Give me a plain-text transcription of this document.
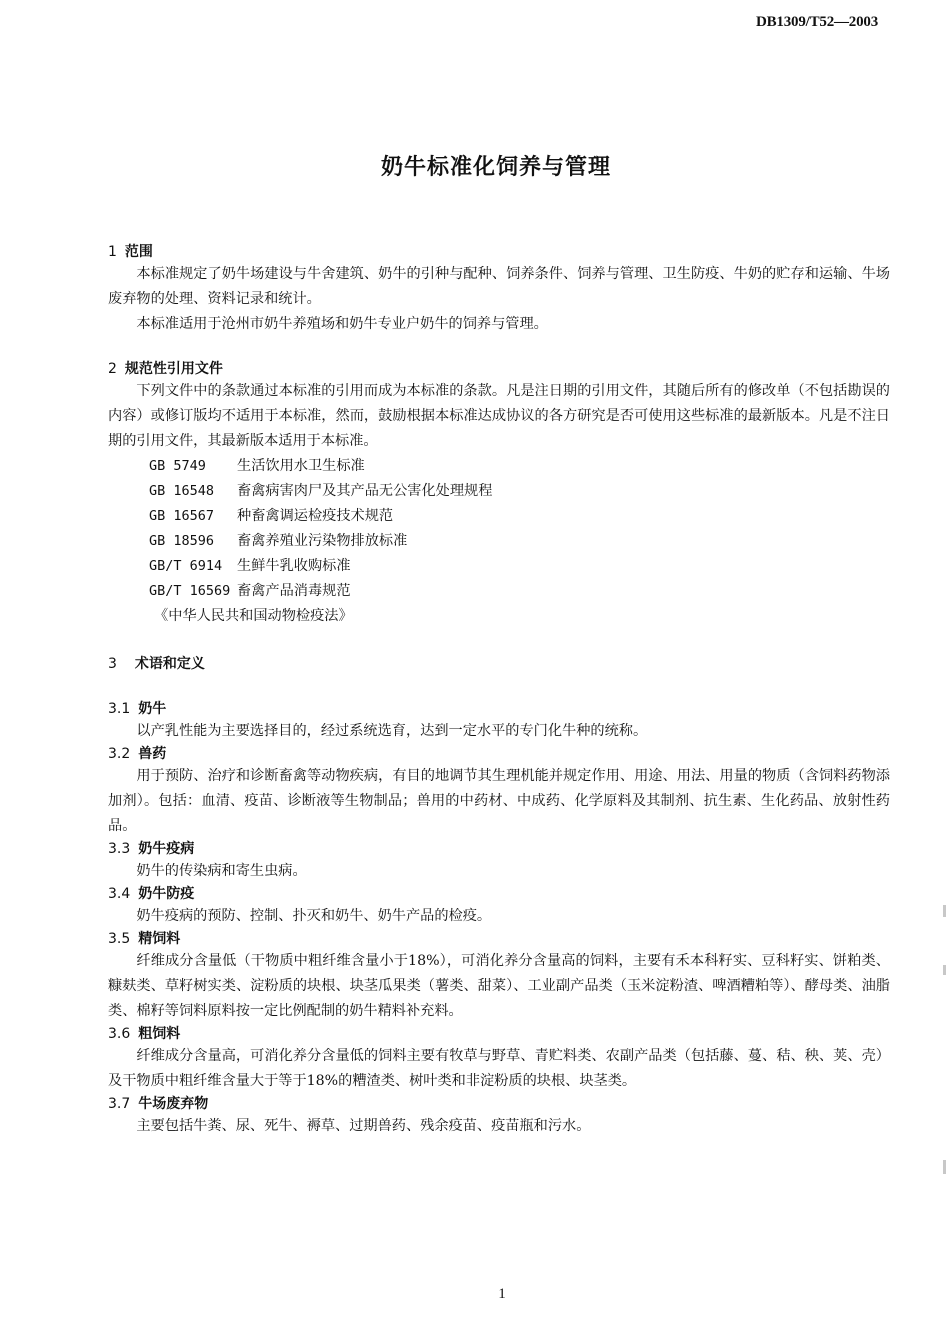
DB1309/T52—2003
奶牛标准化饲养与管理
1 范围

本标准规定了奶牛场建设与牛舍建筑、奶牛的引种与配种、饲养条件、饲养与管理、卫生防疫、牛奶的贮存和运输、牛场废弃物的处理、资料记录和统计。

本标准适用于沧州市奶牛养殖场和奶牛专业户奶牛的饲养与管理。

2 规范性引用文件

下列文件中的条款通过本标准的引用而成为本标准的条款。凡是注日期的引用文件，其随后所有的修改单（不包括勘误的内容）或修订版均不适用于本标准，然而，鼓励根据本标准达成协议的各方研究是否可使用这些标准的最新版本。凡是不注日期的引用文件，其最新版本适用于本标准。

GB 5749 生活饮用水卫生标准
GB 16548 畜禽病害肉尸及其产品无公害化处理规程
GB 16567 种畜禽调运检疫技术规范
GB 18596 畜禽养殖业污染物排放标准
GB/T 6914 生鲜牛乳收购标准
GB/T 16569 畜禽产品消毒规范
《中华人民共和国动物检疫法》
3 术语和定义
3.1 奶牛

以产乳性能为主要选择目的，经过系统选育，达到一定水平的专门化牛种的统称。

3.2 兽药

用于预防、治疗和诊断畜禽等动物疾病，有目的地调节其生理机能并规定作用、用途、用法、用量的物质（含饲料药物添加剂）。包括：血清、疫苗、诊断液等生物制品；兽用的中药材、中成药、化学原料及其制剂、抗生素、生化药品、放射性药品。

3.3 奶牛疫病

奶牛的传染病和寄生虫病。

3.4 奶牛防疫

奶牛疫病的预防、控制、扑灭和奶牛、奶牛产品的检疫。

3.5 精饲料

纤维成分含量低（干物质中粗纤维含量小于18%），可消化养分含量高的饲料，主要有禾本科籽实、豆科籽实、饼粕类、糠麸类、草籽树实类、淀粉质的块根、块茎瓜果类（薯类、甜菜）、工业副产品类（玉米淀粉渣、啤酒糟粕等）、酵母类、油脂类、棉籽等饲料原料按一定比例配制的奶牛精料补充料。

3.6 粗饲料

纤维成分含量高，可消化养分含量低的饲料主要有牧草与野草、青贮料类、农副产品类（包括藤、蔓、秸、秧、荚、壳）及干物质中粗纤维含量大于等于18%的糟渣类、树叶类和非淀粉质的块根、块茎类。

3.7 牛场废弃物

主要包括牛粪、尿、死牛、褥草、过期兽药、残余疫苗、疫苗瓶和污水。

1
